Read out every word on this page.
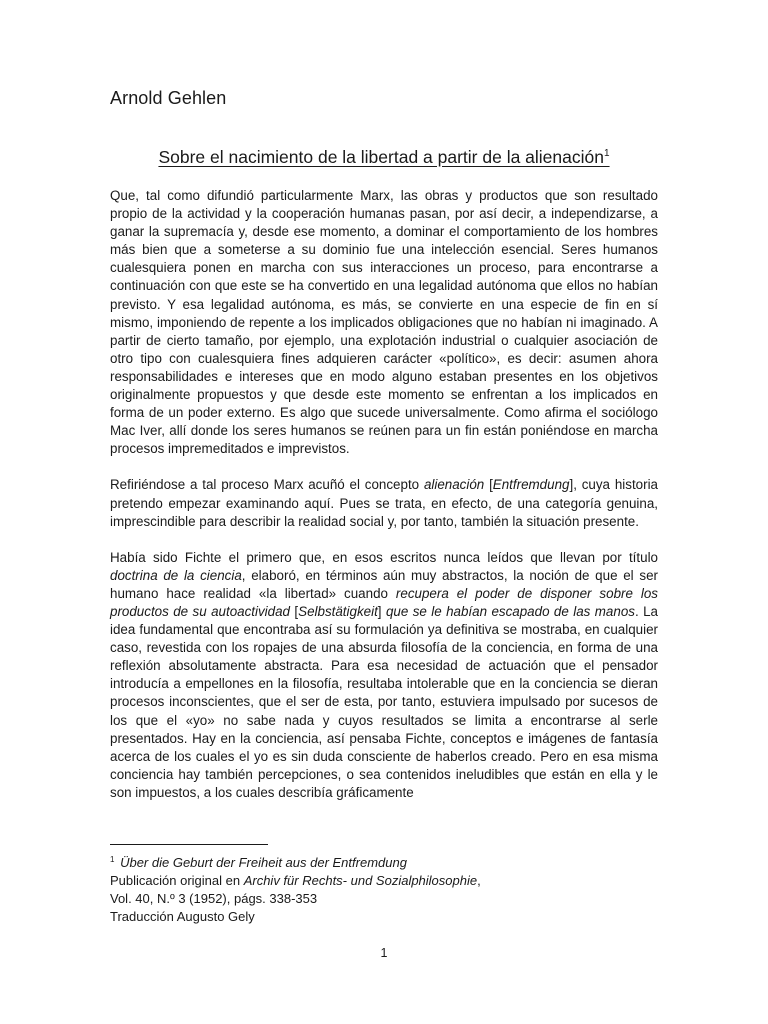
Arnold Gehlen
Sobre el nacimiento de la libertad a partir de la alienación$^1$

Que, tal como difundió particularmente Marx, las obras y productos que son resultado propio de la actividad y la cooperación humanas pasan, por así decir, a independizarse, a ganar la supremacía y, desde ese momento, a dominar el comportamiento de los hombres más bien que a someterse a su dominio fue una intelección esencial. Seres humanos cualesquiera ponen en marcha con sus interacciones un proceso, para encontrarse a continuación con que este se ha convertido en una legalidad autónoma que ellos no habían previsto. Y esa legalidad autónoma, es más, se convierte en una especie de fin en sí mismo, imponiendo de repente a los implicados obligaciones que no habían ni imaginado. A partir de cierto tamaño, por ejemplo, una explotación industrial o cualquier asociación de otro tipo con cualesquiera fines adquieren carácter «político», es decir: asumen ahora responsabilidades e intereses que en modo alguno estaban presentes en los objetivos originalmente propuestos y que desde este momento se enfrentan a los implicados en forma de un poder externo. Es algo que sucede universalmente. Como afirma el sociólogo Mac Iver, allí donde los seres humanos se reúnen para un fin están poniéndose en marcha procesos impremeditados e imprevistos.

Refiriéndose a tal proceso Marx acuñó el concepto alienación [Entfremdung], cuya historia pretendo empezar examinando aquí. Pues se trata, en efecto, de una categoría genuina, imprescindible para describir la realidad social y, por tanto, también la situación presente.

Había sido Fichte el primero que, en esos escritos nunca leídos que llevan por título doctrina de la ciencia, elaboró, en términos aún muy abstractos, la noción de que el ser humano hace realidad «la libertad» cuando recupera el poder de disponer sobre los productos de su autoactividad [Selbstätigkeit] que se le habían escapado de las manos. La idea fundamental que encontraba así su formulación ya definitiva se mostraba, en cualquier caso, revestida con los ropajes de una absurda filosofía de la conciencia, en forma de una reflexión absolutamente abstracta. Para esa necesidad de actuación que el pensador introducía a empellones en la filosofía, resultaba intolerable que en la conciencia se dieran procesos inconscientes, que el ser de esta, por tanto, estuviera impulsado por sucesos de los que el «yo» no sabe nada y cuyos resultados se limita a encontrarse al serle presentados. Hay en la conciencia, así pensaba Fichte, conceptos e imágenes de fantasía acerca de los cuales el yo es sin duda consciente de haberlos creado. Pero en esa misma conciencia hay también percepciones, o sea contenidos ineludibles que están en ella y le son impuestos, a los cuales describía gráficamente

$^1$ Über die Geburt der Freiheit aus der Entfremdung
Publicación original en Archiv für Rechts- und Sozialphilosophie,
Vol. 40, N.º 3 (1952), págs. 338-353
Traducción Augusto Gely
1
